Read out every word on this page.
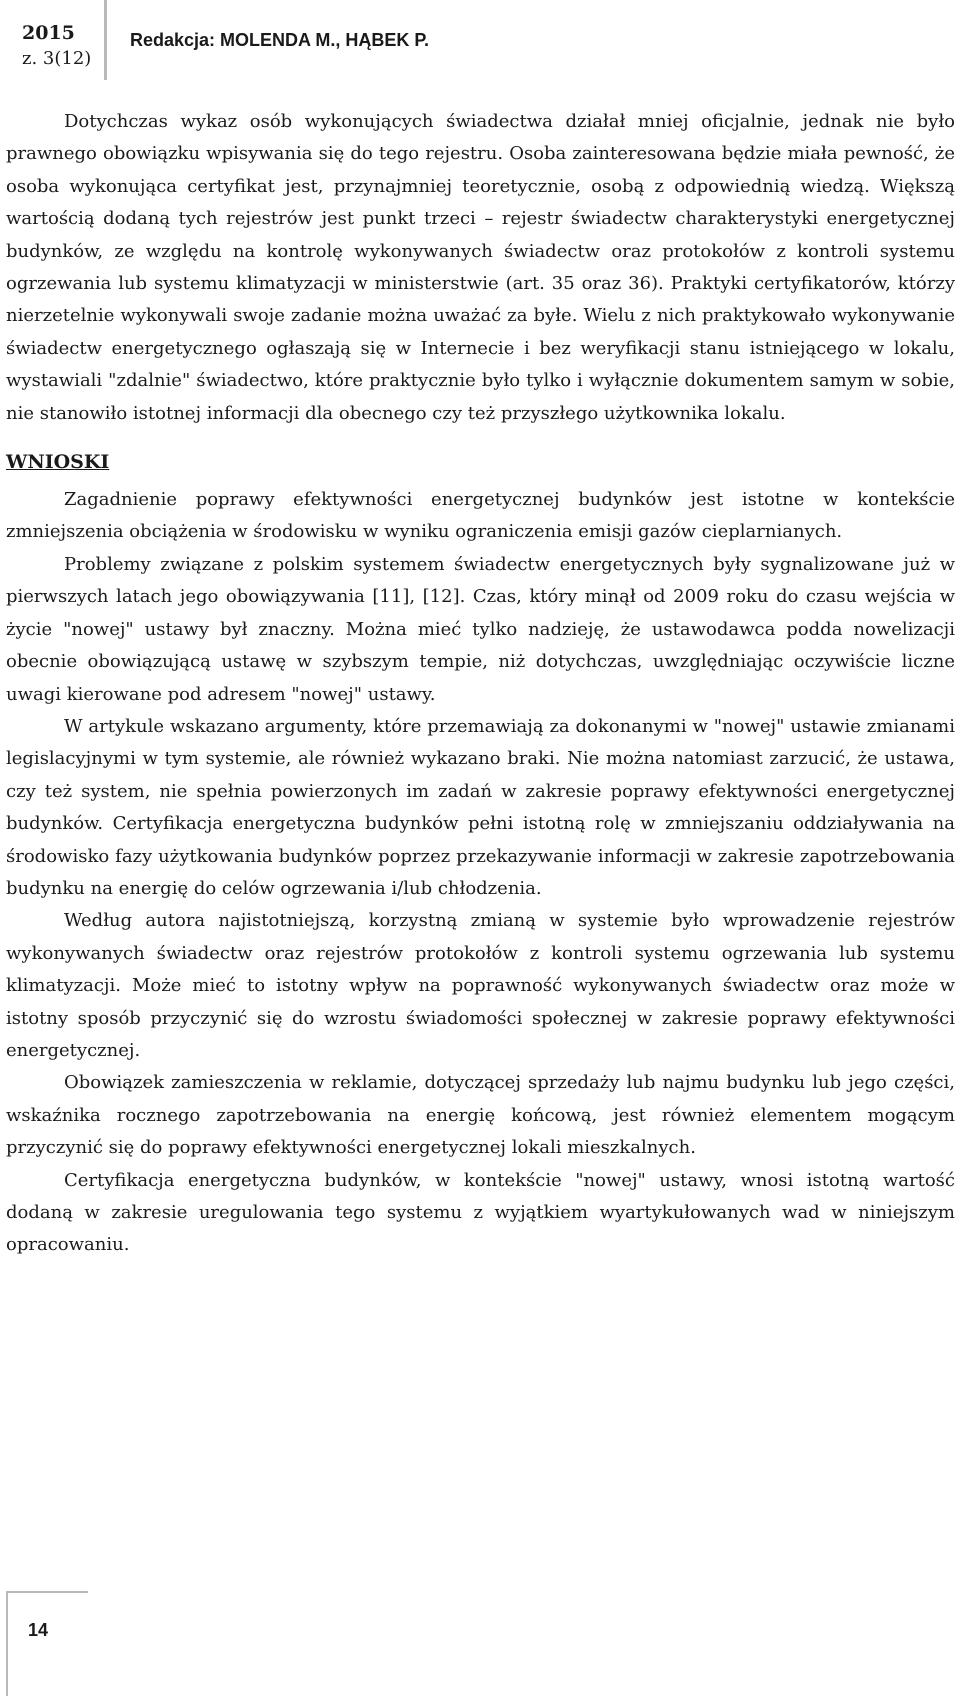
2015
z. 3(12)
Redakcja: MOLENDA M., HĄBEK P.

Dotychczas wykaz osób wykonujących świadectwa działał mniej oficjalnie, jednak nie było prawnego obowiązku wpisywania się do tego rejestru. Osoba zainteresowana będzie miała pewność, że osoba wykonująca certyfikat jest, przynajmniej teoretycznie, osobą z odpowiednią wiedzą. Większą wartością dodaną tych rejestrów jest punkt trzeci – rejestr świadectw charakterystyki energetycznej budynków, ze względu na kontrolę wykonywanych świadectw oraz protokołów z kontroli systemu ogrzewania lub systemu klimatyzacji w ministerstwie (art. 35 oraz 36). Praktyki certyfikatorów, którzy nierzetelnie wykonywali swoje zadanie można uważać za byłe. Wielu z nich praktykowało wykonywanie świadectw energetycznego ogłaszają się w Internecie i bez weryfikacji stanu istniejącego w lokalu, wystawiali "zdalnie" świadectwo, które praktycznie było tylko i wyłącznie dokumentem samym w sobie, nie stanowiło istotnej informacji dla obecnego czy też przyszłego użytkownika lokalu.

WNIOSKI

Zagadnienie poprawy efektywności energetycznej budynków jest istotne w kontekście zmniejszenia obciążenia w środowisku w wyniku ograniczenia emisji gazów cieplarnianych.

Problemy związane z polskim systemem świadectw energetycznych były sygnalizowane już w pierwszych latach jego obowiązywania [11], [12]. Czas, który minął od 2009 roku do czasu wejścia w życie "nowej" ustawy był znaczny. Można mieć tylko nadzieję, że ustawodawca podda nowelizacji obecnie obowiązującą ustawę w szybszym tempie, niż dotychczas, uwzględniając oczywiście liczne uwagi kierowane pod adresem "nowej" ustawy.

W artykule wskazano argumenty, które przemawiają za dokonanymi w "nowej" ustawie zmianami legislacyjnymi w tym systemie, ale również wykazano braki. Nie można natomiast zarzucić, że ustawa, czy też system, nie spełnia powierzonych im zadań w zakresie poprawy efektywności energetycznej budynków. Certyfikacja energetyczna budynków pełni istotną rolę w zmniejszaniu oddziaływania na środowisko fazy użytkowania budynków poprzez przekazywanie informacji w zakresie zapotrzebowania budynku na energię do celów ogrzewania i/lub chłodzenia.

Według autora najistotniejszą, korzystną zmianą w systemie było wprowadzenie rejestrów wykonywanych świadectw oraz rejestrów protokołów z kontroli systemu ogrzewania lub systemu klimatyzacji. Może mieć to istotny wpływ na poprawność wykonywanych świadectw oraz może w istotny sposób przyczynić się do wzrostu świadomości społecznej w zakresie poprawy efektywności energetycznej.

Obowiązek zamieszczenia w reklamie, dotyczącej sprzedaży lub najmu budynku lub jego części, wskaźnika rocznego zapotrzebowania na energię końcową, jest również elementem mogącym przyczynić się do poprawy efektywności energetycznej lokali mieszkalnych.

Certyfikacja energetyczna budynków, w kontekście "nowej" ustawy, wnosi istotną wartość dodaną w zakresie uregulowania tego systemu z wyjątkiem wyartykułowanych wad w niniejszym opracowaniu.

14
